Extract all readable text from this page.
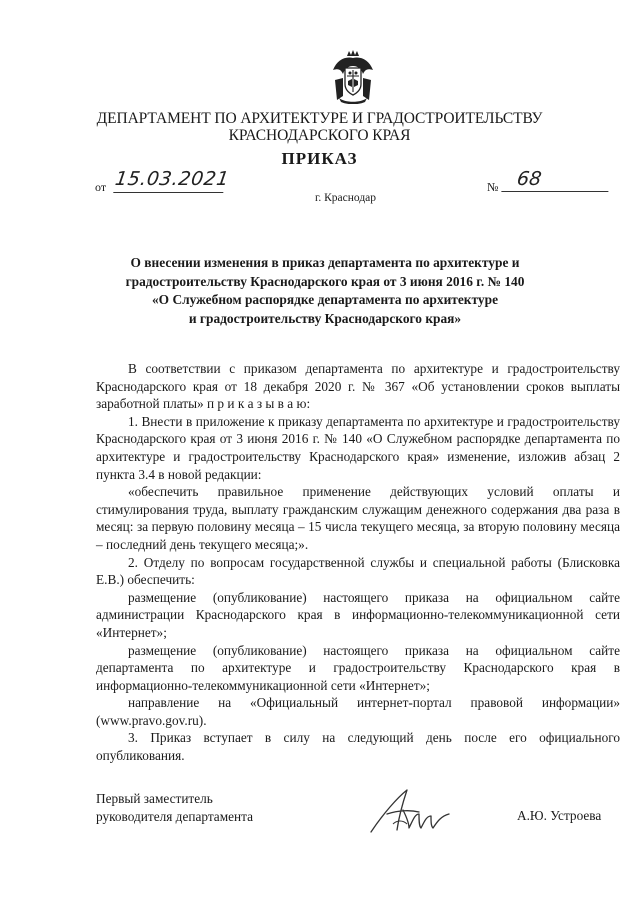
ДЕПАРТАМЕНТ ПО АРХИТЕКТУРЕ И ГРАДОСТРОИТЕЛЬСТВУ
КРАСНОДАРСКОГО КРАЯ
ПРИКАЗ
от 15.03.2021	№ 68
г. Краснодар
О внесении изменения в приказ департамента по архитектуре и
градостроительству Краснодарского края от 3 июня 2016 г. № 140
«О Служебном распорядке департамента по архитектуре
и градостроительству Краснодарского края»

В соответствии с приказом департамента по архитектуре и градостроительству Краснодарского края от 18 декабря 2020 г. № 367 «Об установлении сроков выплаты заработной платы» п р и к а з ы в а ю:

1. Внести в приложение к приказу департамента по архитектуре и градостроительству Краснодарского края от 3 июня 2016 г. № 140 «О Служебном распорядке департамента по архитектуре и градостроительству Краснодарского края» изменение, изложив абзац 2 пункта 3.4 в новой редакции:

«обеспечить правильное применение действующих условий оплаты и стимулирования труда, выплату гражданским служащим денежного содержания два раза в месяц: за первую половину месяца – 15 числа текущего месяца, за вторую половину месяца – последний день текущего месяца;».

2. Отделу по вопросам государственной службы и специальной работы (Блисковка Е.В.) обеспечить:

размещение (опубликование) настоящего приказа на официальном сайте администрации Краснодарского края в информационно-телекоммуникационной сети «Интернет»;

размещение (опубликование) настоящего приказа на официальном сайте департамента по архитектуре и градостроительству Краснодарского края в информационно-телекоммуникационной сети «Интернет»;

направление на «Официальный интернет-портал правовой информации» (www.pravo.gov.ru).

3. Приказ вступает в силу на следующий день после его официального опубликования.

Первый заместитель
руководителя департамента	А.Ю. Устроева
